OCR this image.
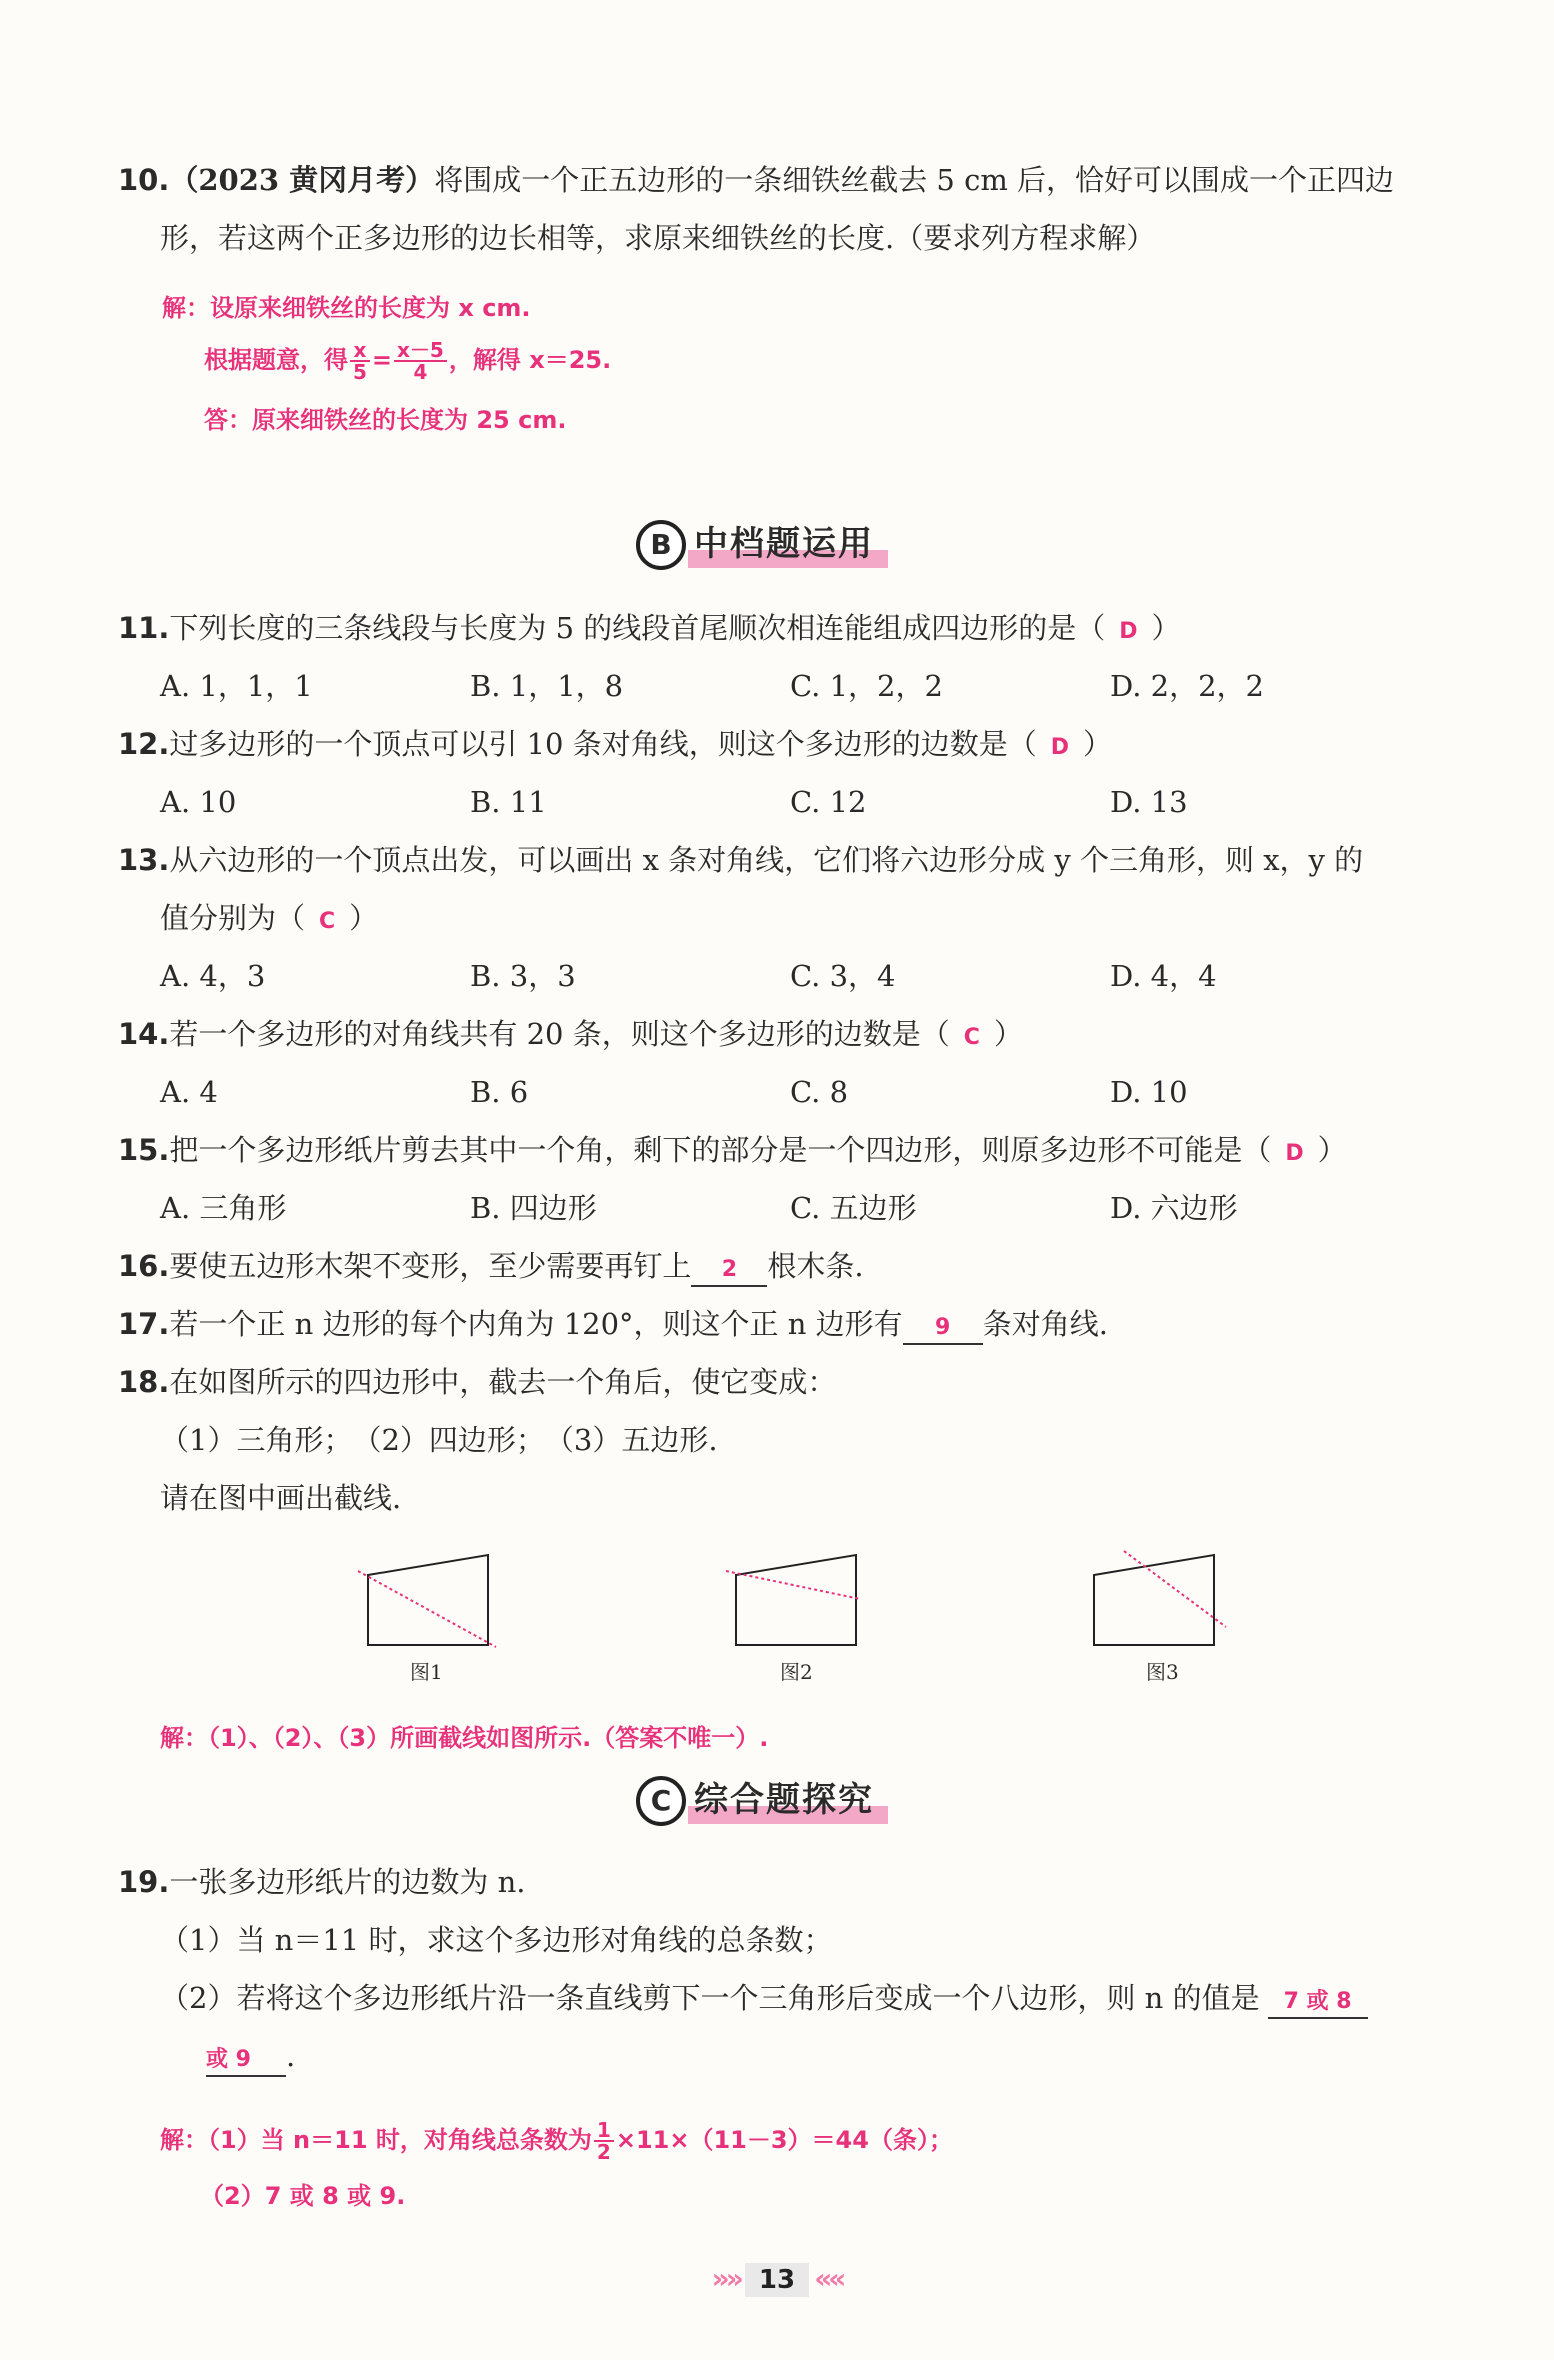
10.（2023 黄冈月考）将围成一个正五边形的一条细铁丝截去 5 cm 后，恰好可以围成一个正四边
形，若这两个正多边形的边长相等，求原来细铁丝的长度.（要求列方程求解）
解：设原来细铁丝的长度为 x cm.
根据题意，得 $\frac{x}{5} = \frac{x-5}{4}$ ，解得 x＝25.
答：原来细铁丝的长度为 25 cm.
B 中档题运用
11.下列长度的三条线段与长度为 5 的线段首尾顺次相连能组成四边形的是（ D ）
A. 1，1，1	B. 1，1，8	C. 1，2，2	D. 2，2，2
12.过多边形的一个顶点可以引 10 条对角线，则这个多边形的边数是（ D ）
A. 10	B. 11	C. 12	D. 13
13.从六边形的一个顶点出发，可以画出 x 条对角线，它们将六边形分成 y 个三角形，则 x，y 的
值分别为（ C ）
A. 4，3	B. 3，3	C. 3，4	D. 4，4
14.若一个多边形的对角线共有 20 条，则这个多边形的边数是（ C ）
A. 4	B. 6	C. 8	D. 10
15.把一个多边形纸片剪去其中一个角，剩下的部分是一个四边形，则原多边形不可能是（ D ）
A. 三角形	B. 四边形	C. 五边形	D. 六边形
16.要使五边形木架不变形，至少需要再钉上 2 根木条.
17.若一个正 n 边形的每个内角为 120°，则这个正 n 边形有 9 条对角线.
18.在如图所示的四边形中，截去一个角后，使它变成：
（1）三角形；　（2）四边形；　（3）五边形.
请在图中画出截线.
图1	图2	图3
解：（1）、（2）、（3）所画截线如图所示.（答案不唯一）.
C 综合题探究
19.一张多边形纸片的边数为 n.
（1）当 n＝11 时，求这个多边形对角线的总条数；
（2）若将这个多边形纸片沿一条直线剪下一个三角形后变成一个八边形，则 n 的值是 7 或 8
或 9 .
解：（1）当 n＝11 时，对角线总条数为 $\frac{1}{2} \times 11\times(11-3)=44$（条）；
（2）7 或 8 或 9.
»» 13 ««
